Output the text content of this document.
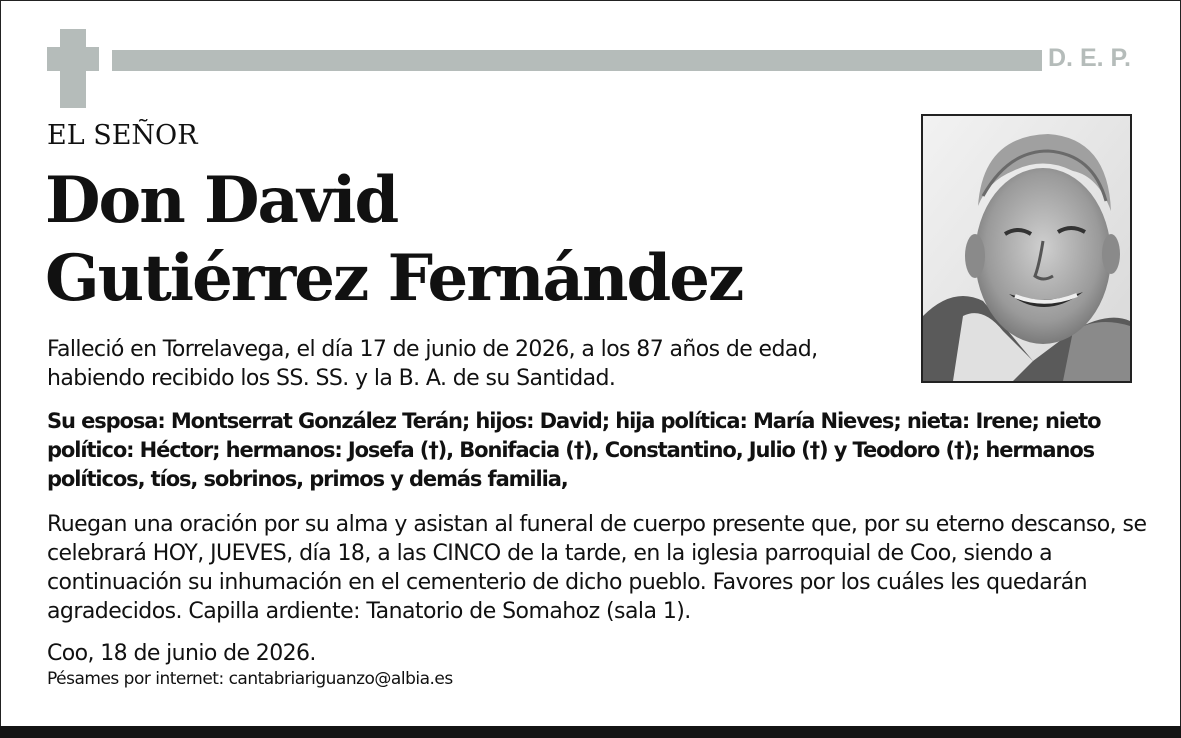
D. E. P.
EL SEÑOR
Don David
Gutiérrez Fernández
Falleció en Torrelavega, el día 17 de junio de 2026, a los 87 años de edad, habiendo recibido los SS. SS. y la B. A. de su Santidad.
Su esposa: Montserrat González Terán; hijos: David; hija política: María Nieves; nieta: Irene; nieto político: Héctor; hermanos: Josefa (†), Bonifacia (†), Constantino, Julio (†) y Teodoro (†); hermanos políticos, tíos, sobrinos, primos y demás familia,
Ruegan una oración por su alma y asistan al funeral de cuerpo presente que, por su eterno descanso, se celebrará HOY, JUEVES, día 18, a las CINCO de la tarde, en la iglesia parroquial de Coo, siendo a continuación su inhumación en el cementerio de dicho pueblo. Favores por los cuáles les quedarán agradecidos. Capilla ardiente: Tanatorio de Somahoz (sala 1).
Coo, 18 de junio de 2026.
Pésames por internet: cantabriariguanzo@albia.es
